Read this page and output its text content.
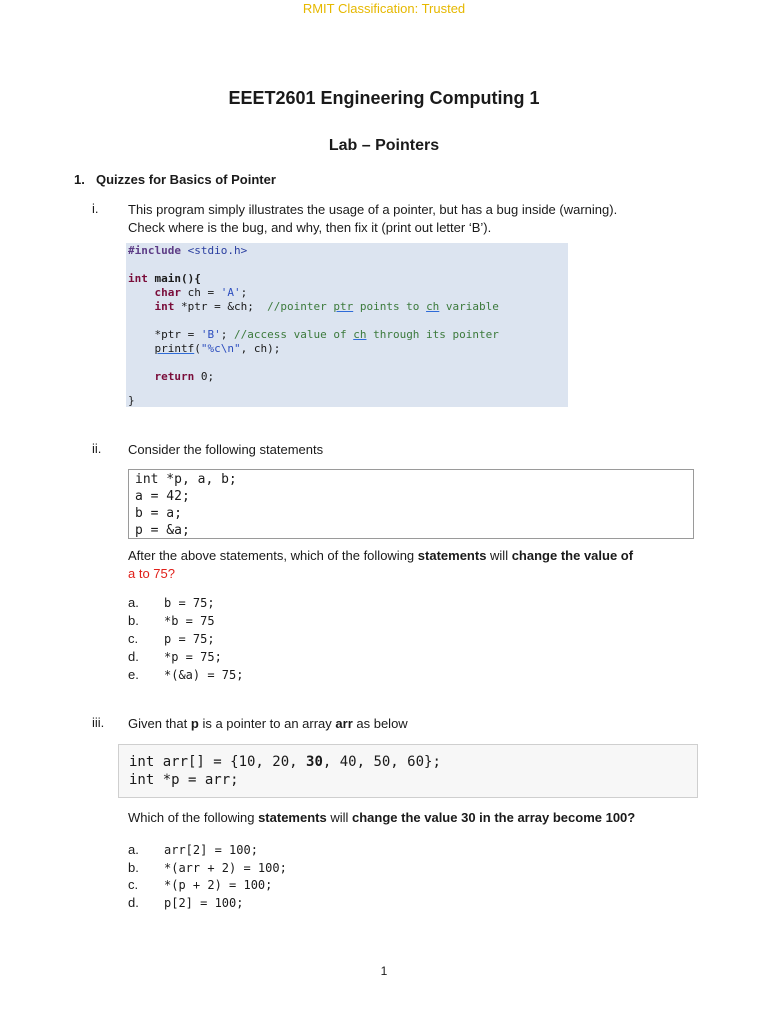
RMIT Classification: Trusted
EEET2601 Engineering Computing 1
Lab – Pointers
1. Quizzes for Basics of Pointer
i. This program simply illustrates the usage of a pointer, but has a bug inside (warning).
Check where is the bug, and why, then fix it (print out letter ‘B’).
#include <stdio.h>
int main(){
char ch = 'A';
int *ptr = &ch;  //pointer ptr points to ch variable
*ptr = 'B'; //access value of ch through its pointer
printf("%c\n", ch);
return 0;
}
ii. Consider the following statements
int *p, a, b;
a = 42;
b = a;
p = &a;
After the above statements, which of the following statements will change the value of
a to 75?
a. b = 75;
b. *b = 75
c. p = 75;
d. *p = 75;
e. *(&a) = 75;
iii. Given that p is a pointer to an array arr as below
int arr[] = {10, 20, 30, 40, 50, 60};
int *p = arr;
Which of the following statements will change the value 30 in the array become 100?
a. arr[2] = 100;
b. *(arr + 2) = 100;
c. *(p + 2) = 100;
d. p[2] = 100;
1
